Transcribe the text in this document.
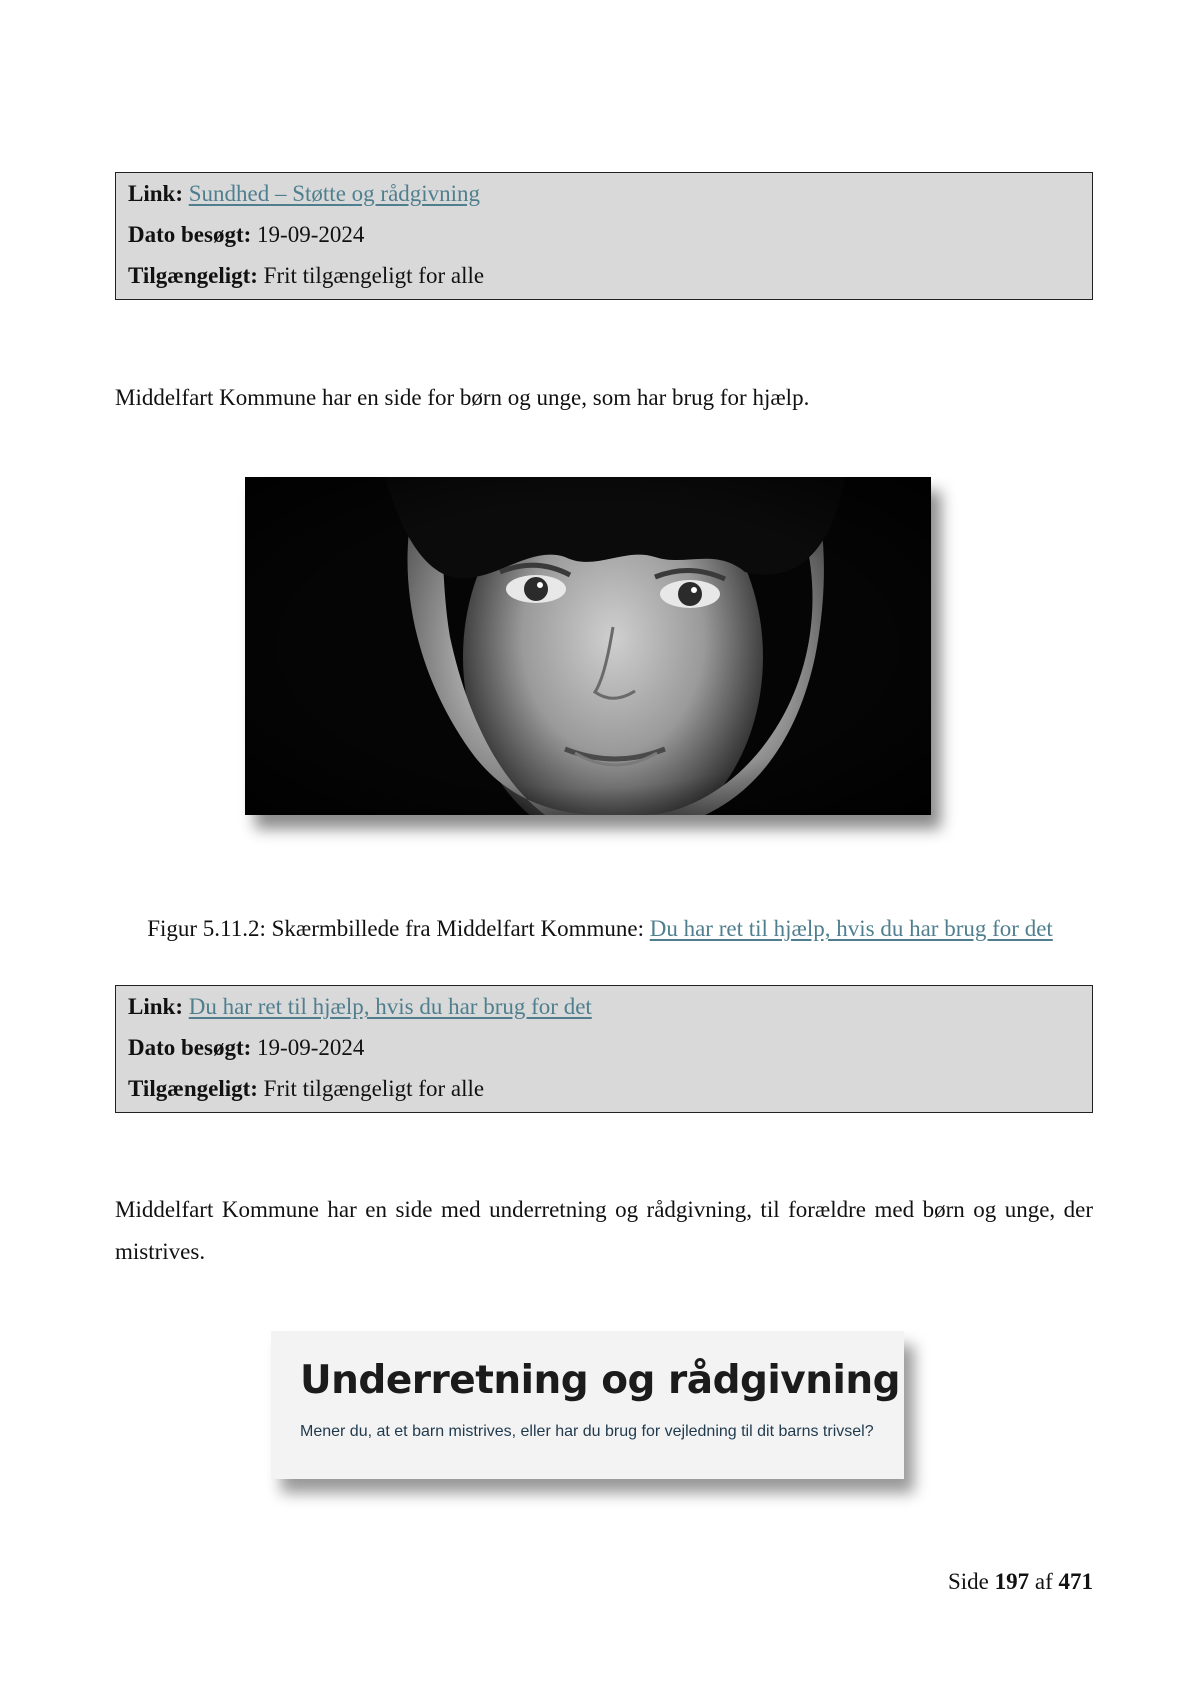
Link: Sundhed – Støtte og rådgivning
Dato besøgt: 19-09-2024
Tilgængeligt: Frit tilgængeligt for alle
Middelfart Kommune har en side for børn og unge, som har brug for hjælp.
Figur 5.11.2: Skærmbillede fra Middelfart Kommune: Du har ret til hjælp, hvis du har brug for det
Link: Du har ret til hjælp, hvis du har brug for det
Dato besøgt: 19-09-2024
Tilgængeligt: Frit tilgængeligt for alle
Middelfart Kommune har en side med underretning og rådgivning, til forældre med børn og unge, der mistrives.
Underretning og rådgivning
Mener du, at et barn mistrives, eller har du brug for vejledning til dit barns trivsel?
Side 197 af 471
